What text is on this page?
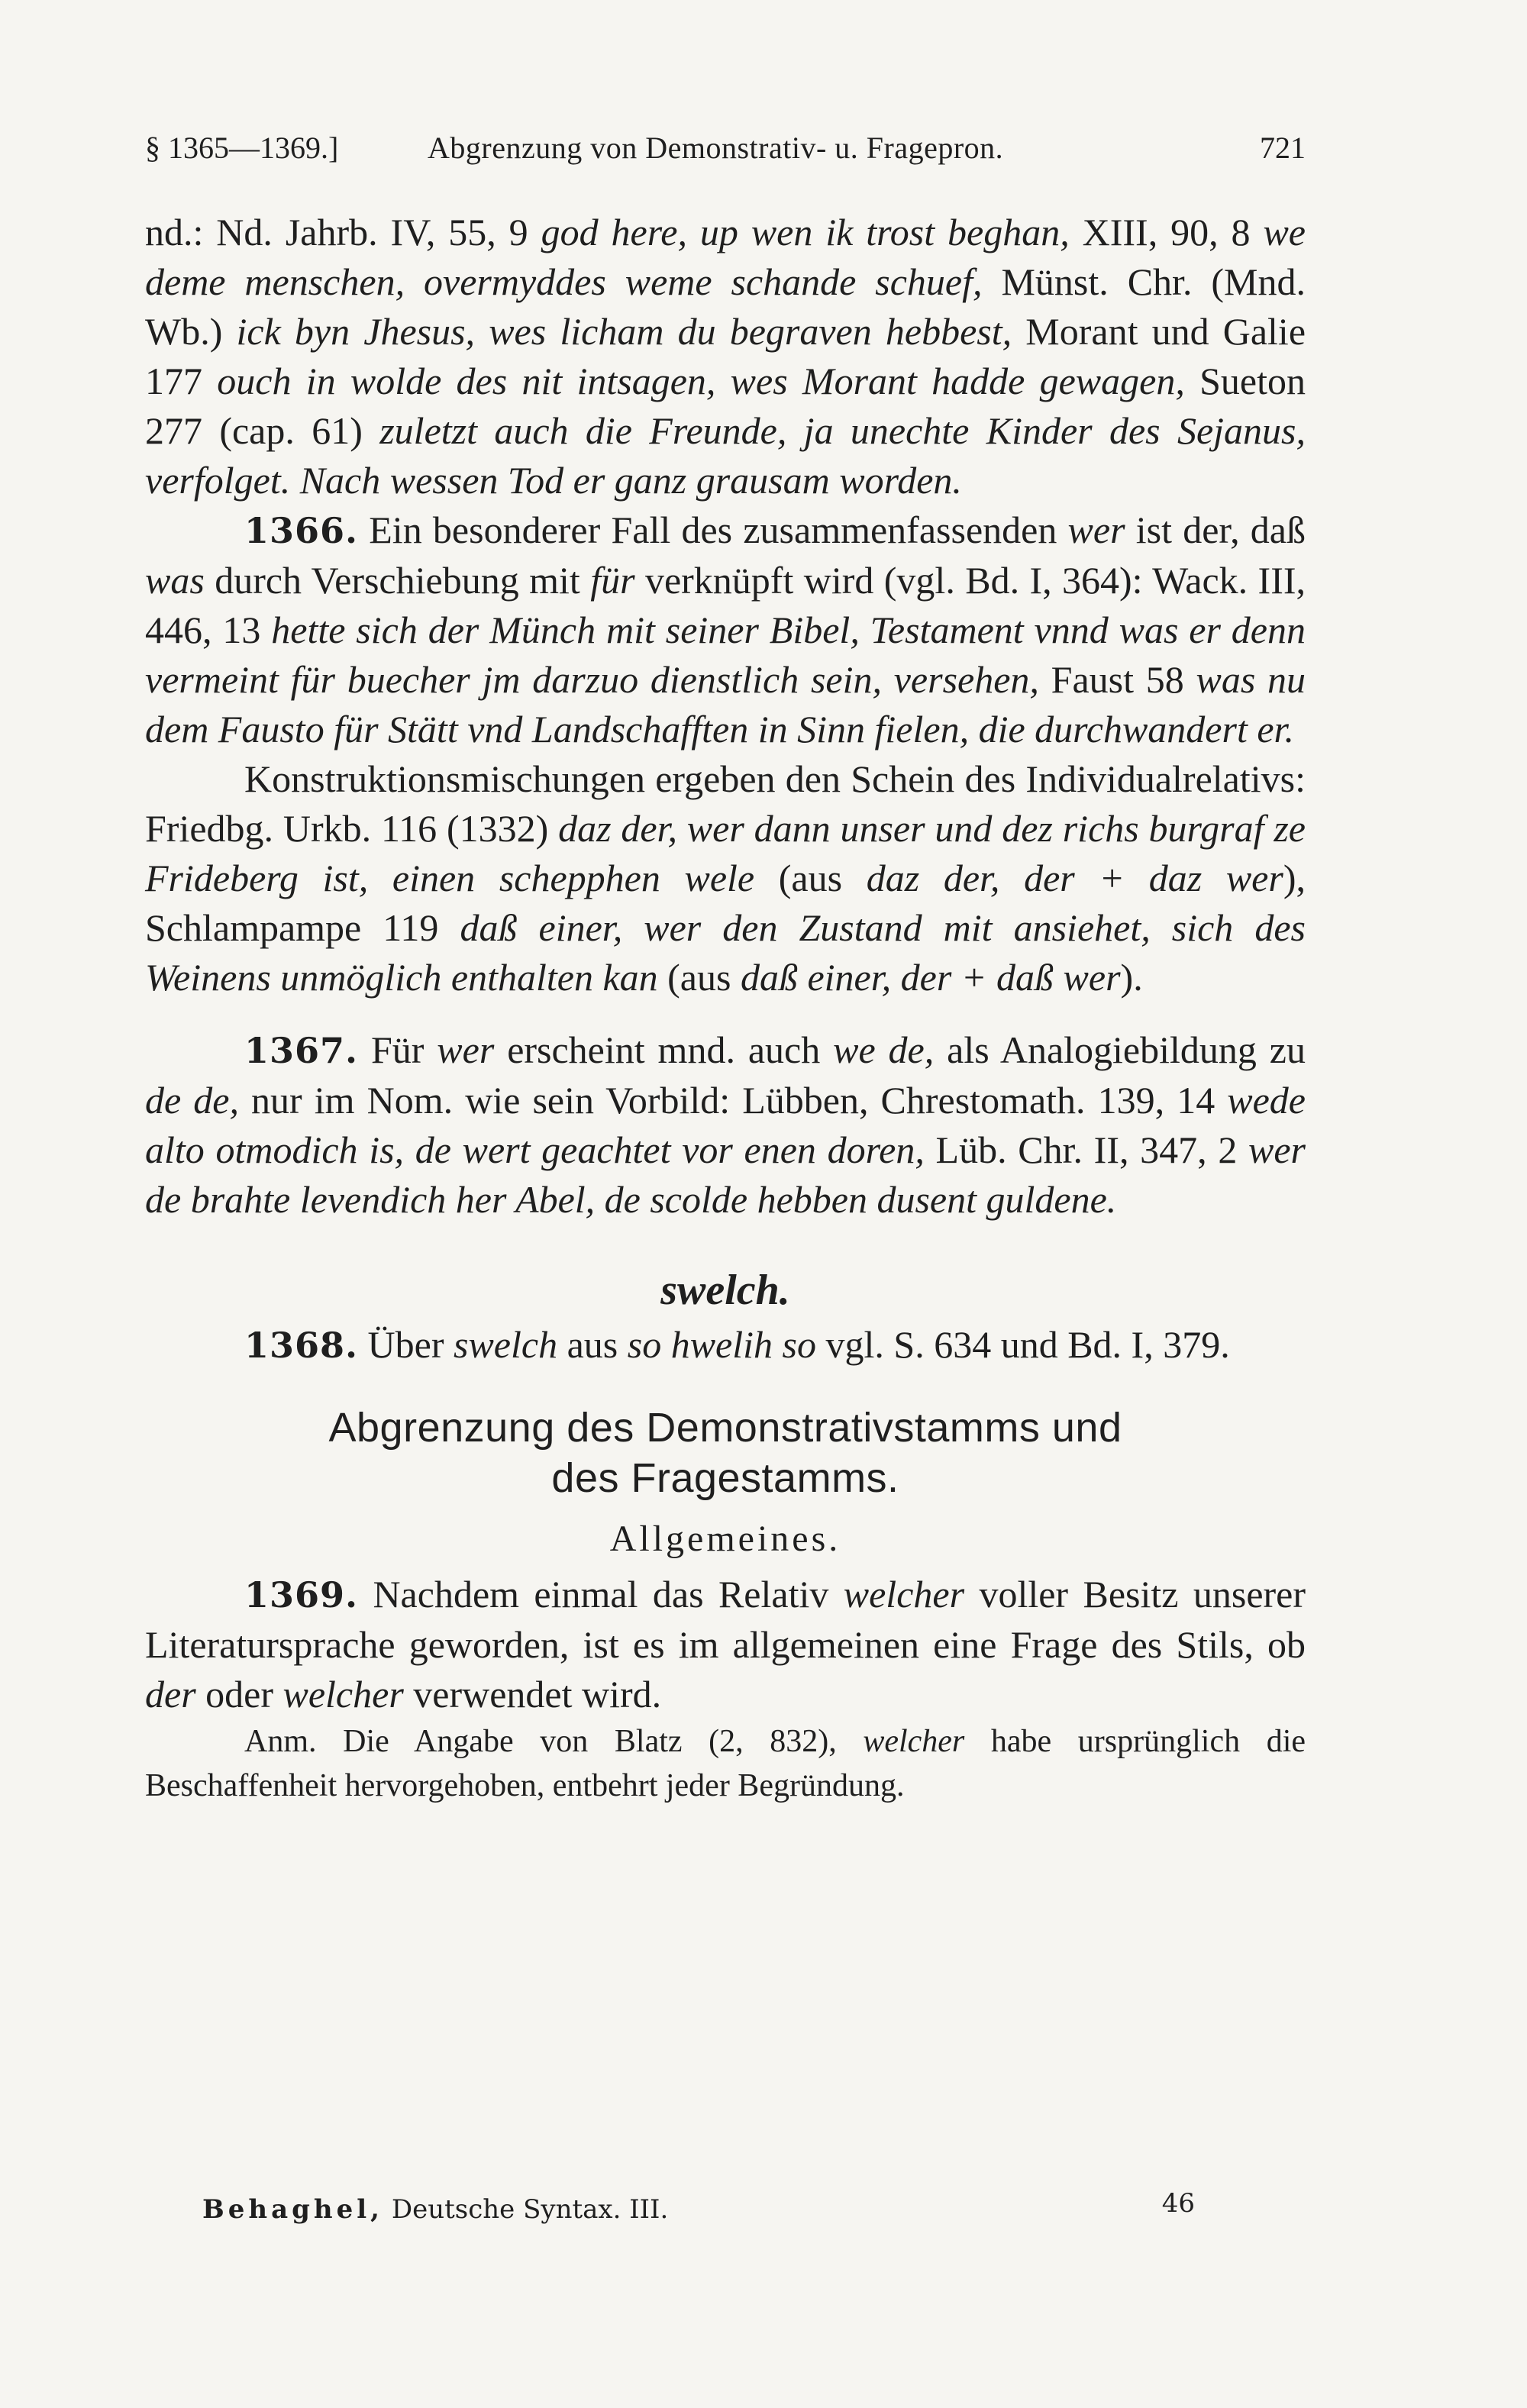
§ 1365—1369.]	Abgrenzung von Demonstrativ- u. Fragepron.	721

nd.: Nd. Jahrb. IV, 55, 9 god here, up wen ik trost beghan, XIII, 90, 8 we deme menschen, overmyddes weme schande schuef, Münst. Chr. (Mnd. Wb.) ick byn Jhesus, wes licham du begraven hebbest, Morant und Galie 177 ouch in wolde des nit intsagen, wes Morant hadde gewagen, Sueton 277 (cap. 61) zuletzt auch die Freunde, ja unechte Kinder des Sejanus, verfolget. Nach wessen Tod er ganz grausam worden.

1366. Ein besonderer Fall des zusammenfassenden wer ist der, daß was durch Verschiebung mit für verknüpft wird (vgl. Bd. I, 364): Wack. III, 446, 13 hette sich der Münch mit seiner Bibel, Testament vnnd was er denn vermeint für buecher jm darzuo dienstlich sein, versehen, Faust 58 was nu dem Fausto für Stätt vnd Landschafften in Sinn fielen, die durchwandert er.

Konstruktionsmischungen ergeben den Schein des Individualrelativs: Friedbg. Urkb. 116 (1332) daz der, wer dann unser und dez richs burgraf ze Frideberg ist, einen schepphen wele (aus daz der, der + daz wer), Schlampampe 119 daß einer, wer den Zustand mit ansiehet, sich des Weinens unmöglich enthalten kan (aus daß einer, der + daß wer).

1367. Für wer erscheint mnd. auch we de, als Analogiebildung zu de de, nur im Nom. wie sein Vorbild: Lübben, Chrestomath. 139, 14 wede alto otmodich is, de wert geachtet vor enen doren, Lüb. Chr. II, 347, 2 wer de brahte levendich her Abel, de scolde hebben dusent guldene.

swelch.

1368. Über swelch aus so hwelih so vgl. S. 634 und Bd. I, 379.

Abgrenzung des Demonstrativstamms und
des Fragestamms.
Allgemeines.

1369. Nachdem einmal das Relativ welcher voller Besitz unserer Literatursprache geworden, ist es im allgemeinen eine Frage des Stils, ob der oder welcher verwendet wird.

Anm. Die Angabe von Blatz (2, 832), welcher habe ursprünglich die Beschaffenheit hervorgehoben, entbehrt jeder Begründung.

Behaghel, Deutsche Syntax. III.	46
